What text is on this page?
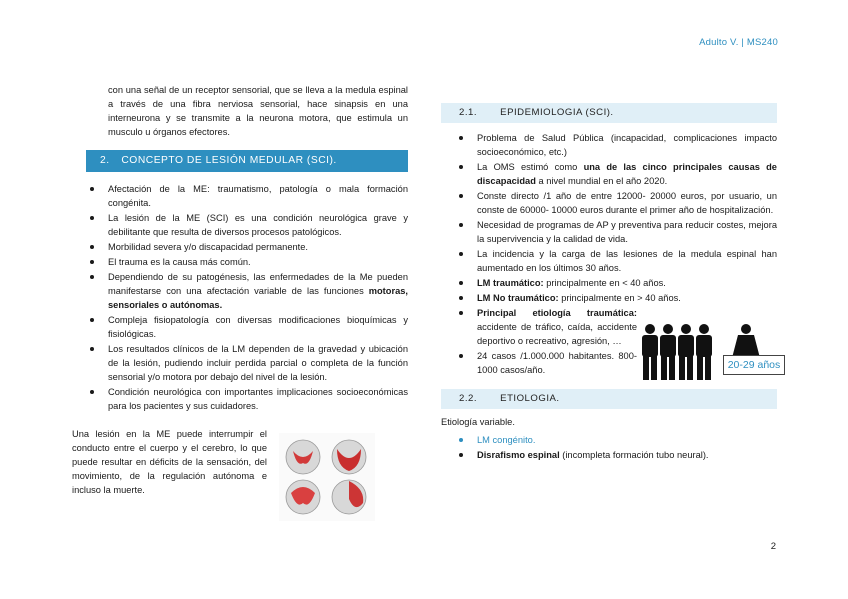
Adulto V. | MS240

con una señal de un receptor sensorial, que se lleva a la medula espinal a través de una fibra nerviosa sensorial, hace sinapsis en una interneurona y se transmite a la neurona motora, que estimula un musculo u órganos efectores.

2. CONCEPTO DE LESIÓN MEDULAR (SCI).
Afectación de la ME: traumatismo, patología o mala formación congénita.
La lesión de la ME (SCI) es una condición neurológica grave y debilitante que resulta de diversos procesos patológicos.
Morbilidad severa y/o discapacidad permanente.
El trauma es la causa más común.
Dependiendo de su patogénesis, las enfermedades de la Me pueden manifestarse con una afectación variable de las funciones motoras, sensoriales o autónomas.
Compleja fisiopatología con diversas modificaciones bioquímicas y fisiológicas.
Los resultados clínicos de la LM dependen de la gravedad y ubicación de la lesión, pudiendo incluir perdida parcial o completa de la función sensorial y/o motora por debajo del nivel de la lesión.
Condición neurológica con importantes implicaciones socioeconómicas para los pacientes y sus cuidadores.

Una lesión en la ME puede interrumpir el conducto entre el cuerpo y el cerebro, lo que puede resultar en déficits de la sensación, del movimiento, de la regulación autónoma e incluso la muerte.

2.1. EPIDEMIOLOGIA (SCI).
Problema de Salud Pública (incapacidad, complicaciones impacto socioeconómico, etc.)
La OMS estimó como una de las cinco principales causas de discapacidad a nivel mundial en el año 2020.
Conste directo /1 año de entre 12000- 20000 euros, por usuario, un conste de 60000- 10000 euros durante el primer año de hospitalización.
Necesidad de programas de AP y preventiva para reducir costes, mejora la supervivencia y la calidad de vida.
La incidencia y la carga de las lesiones de la medula espinal han aumentado en los últimos 30 años.
LM traumático: principalmente en < 40 años.
LM No traumático: principalmente en > 40 años.
Principal etiología traumática: accidente de tráfico, caída, accidente deportivo o recreativo, agresión, …
24 casos /1.000.000 habitantes. 800-1000 casos/año.
2.2. ETIOLOGIA.

Etiología variable.

LM congénito.
Disrafismo espinal (incompleta formación tubo neural).
20-29 años
2
